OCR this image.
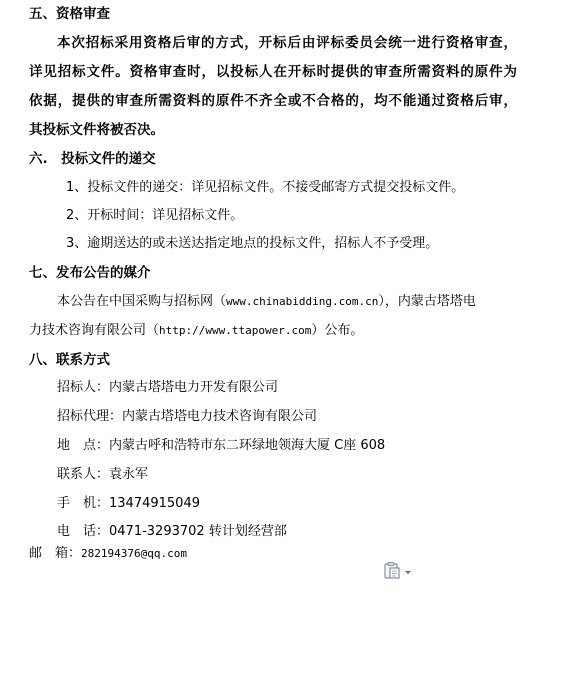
五、资格审查
本次招标采用资格后审的方式，开标后由评标委员会统一进行资格审查，
详见招标文件。资格审查时，以投标人在开标时提供的审查所需资料的原件为
依据，提供的审查所需资料的原件不齐全或不合格的，均不能通过资格后审，
其投标文件将被否决。
六.　投标文件的递交
1、投标文件的递交：详见招标文件。不接受邮寄方式提交投标文件。
2、开标时间：详见招标文件。
3、逾期送达的或未送达指定地点的投标文件，招标人不予受理。
七、发布公告的媒介
本公告在中国采购与招标网（www.chinabidding.com.cn），内蒙古塔塔电
力技术咨询有限公司（http://www.ttapower.com）公布。
八、联系方式
招标人：内蒙古塔塔电力开发有限公司
招标代理：内蒙古塔塔电力技术咨询有限公司
地　点：内蒙古呼和浩特市东二环绿地领海大厦 C座 608
联系人：袁永军
手　机：13474915049
电　话：0471-3293702 转计划经营部
邮　箱：282194376@qq.com
